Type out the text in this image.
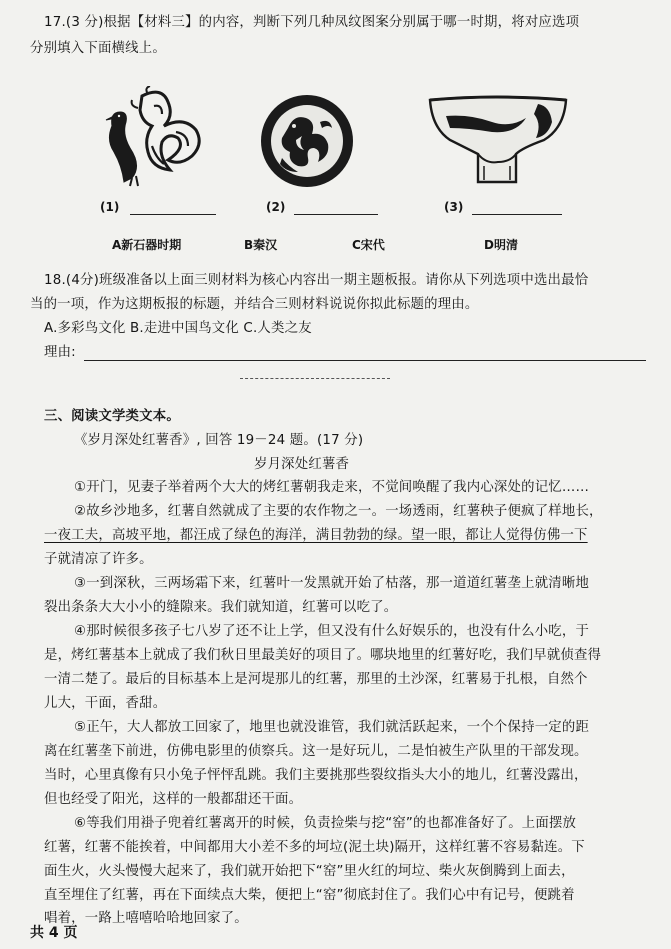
17.(3 分)根据【材料三】的内容，判断下列几种凤纹图案分别属于哪一时期，将对应选项
分别填入下面横线上。
(1)	(2)	(3)
A新石器时期	B秦汉	C宋代	D明清
18.(4分)班级准备以上面三则材料为核心内容出一期主题板报。请你从下列选项中选出最恰
当的一项，作为这期板报的标题，并结合三则材料说说你拟此标题的理由。
A.多彩鸟文化 B.走进中国鸟文化 C.人类之友
理由:
三、阅读文学类文本。
《岁月深处红薯香》, 回答 19－24 题。(17 分)
岁月深处红薯香
①开门，见妻子举着两个大大的烤红薯朝我走来，不觉间唤醒了我内心深处的记忆……
②故乡沙地多，红薯自然就成了主要的农作物之一。一场透雨，红薯秧子便疯了样地长，
一夜工夫，高坡平地，都汪成了绿色的海洋，满目勃勃的绿。望一眼，都让人觉得仿佛一下
子就清凉了许多。
③一到深秋，三两场霜下来，红薯叶一发黑就开始了枯落，那一道道红薯垄上就清晰地
裂出条条大大小小的缝隙来。我们就知道，红薯可以吃了。
④那时候很多孩子七八岁了还不让上学，但又没有什么好娱乐的，也没有什么小吃，于
是，烤红薯基本上就成了我们秋日里最美好的项目了。哪块地里的红薯好吃，我们早就侦查得
一清二楚了。最后的目标基本上是河堤那儿的红薯，那里的土沙深，红薯易于扎根，自然个
儿大，干面，香甜。
⑤正午，大人都放工回家了，地里也就没谁管，我们就活跃起来，一个个保持一定的距
离在红薯垄下前进，仿佛电影里的侦察兵。这一是好玩儿，二是怕被生产队里的干部发现。
当时，心里真像有只小兔子怦怦乱跳。我们主要挑那些裂纹指头大小的地儿，红薯没露出，
但也经受了阳光，这样的一般都甜还干面。
⑥等我们用褂子兜着红薯离开的时候，负责捡柴与挖“窑”的也都准备好了。上面摆放
红薯，红薯不能挨着，中间都用大小差不多的坷垃(泥土块)隔开，这样红薯不容易黏连。下
面生火，火头慢慢大起来了，我们就开始把下“窑”里火红的坷垃、柴火灰倒腾到上面去，
直至埋住了红薯，再在下面续点大柴，便把上“窑”彻底封住了。我们心中有记号，便跳着
唱着，一路上嘻嘻哈哈地回家了。
共 4 页
